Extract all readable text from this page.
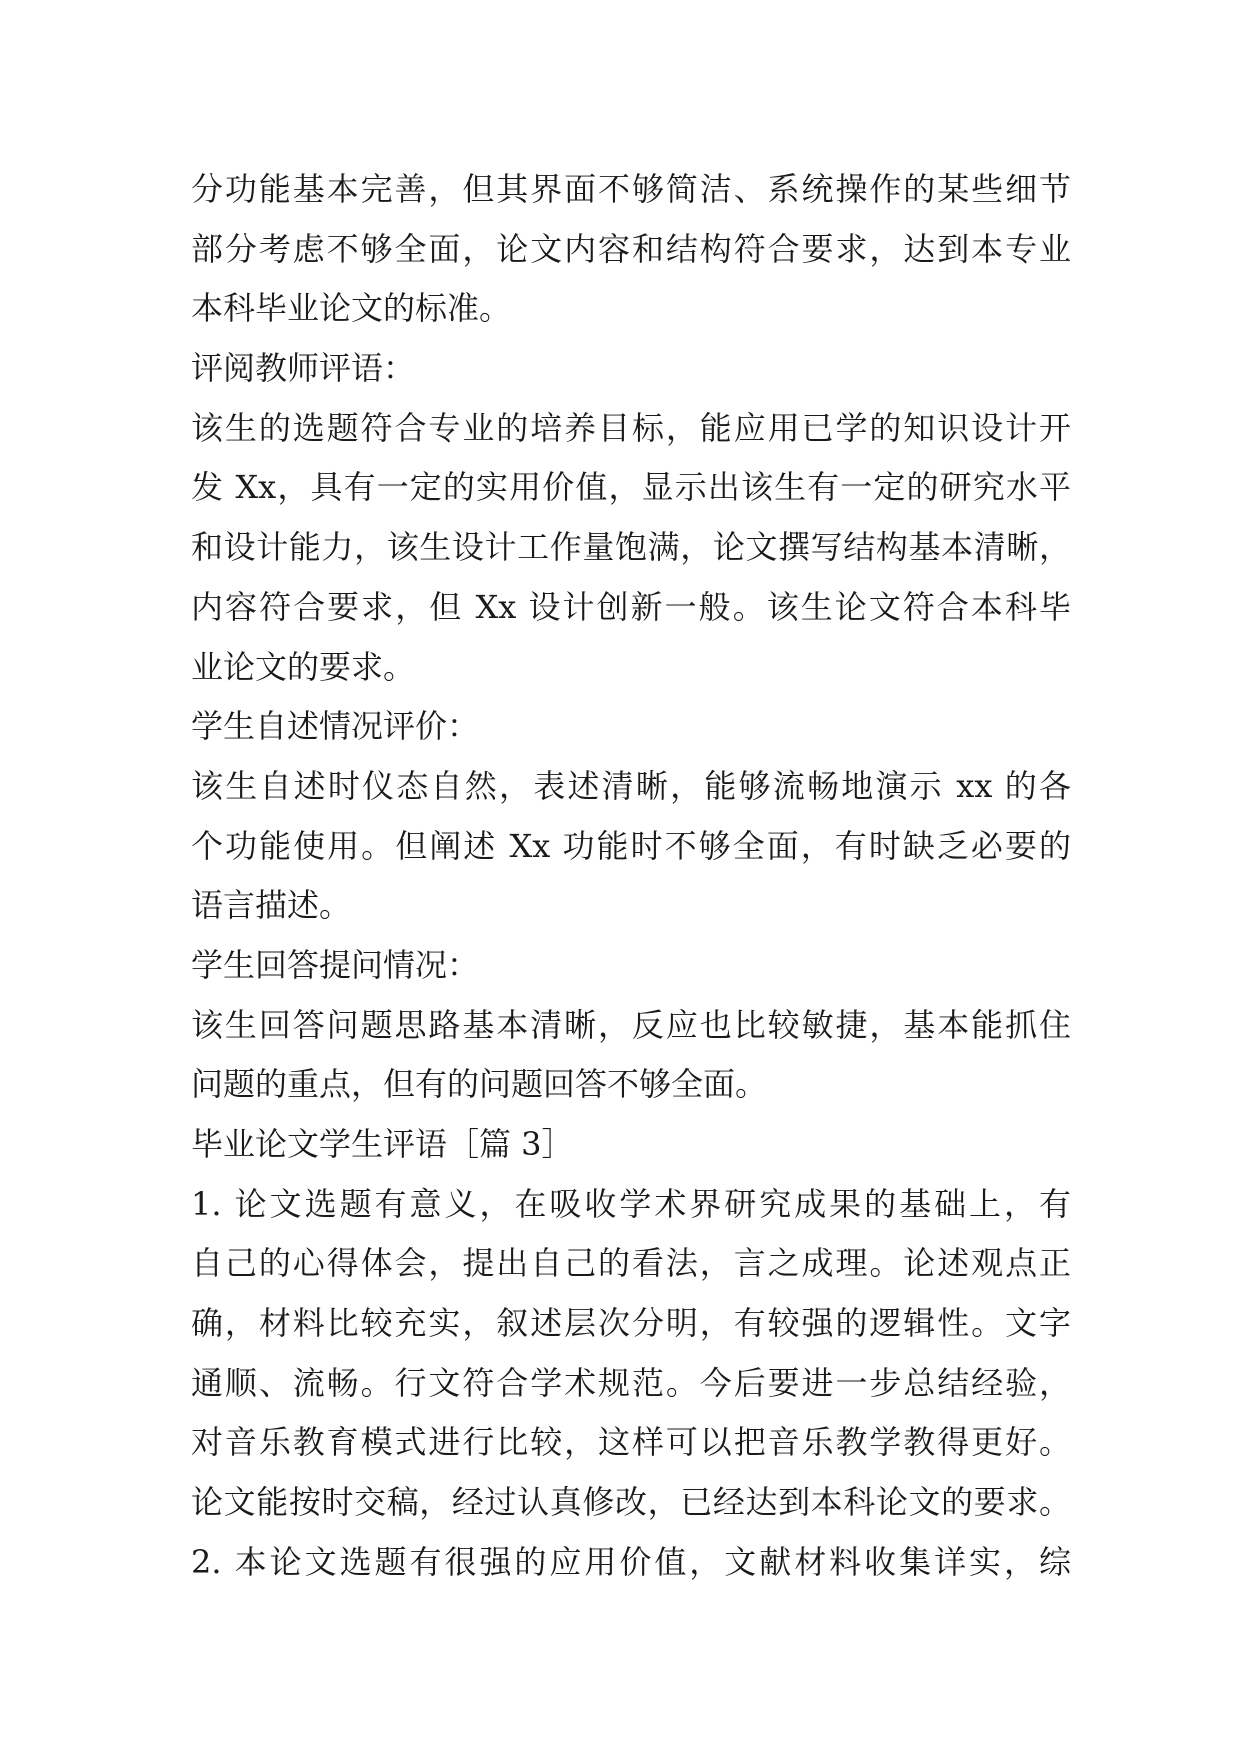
分功能基本完善，但其界面不够简洁、系统操作的某些细节
部分考虑不够全面，论文内容和结构符合要求，达到本专业
本科毕业论文的标准。
评阅教师评语：
该生的选题符合专业的培养目标，能应用已学的知识设计开
发 Xx，具有一定的实用价值，显示出该生有一定的研究水平
和设计能力，该生设计工作量饱满，论文撰写结构基本清晰，
内容符合要求，但 Xx 设计创新一般。该生论文符合本科毕
业论文的要求。
学生自述情况评价：
该生自述时仪态自然，表述清晰，能够流畅地演示 xx 的各
个功能使用。但阐述 Xx 功能时不够全面，有时缺乏必要的
语言描述。
学生回答提问情况：
该生回答问题思路基本清晰，反应也比较敏捷，基本能抓住
问题的重点，但有的问题回答不够全面。
毕业论文学生评语［篇 3］
1. 论文选题有意义，在吸收学术界研究成果的基础上，有
自己的心得体会，提出自己的看法，言之成理。论述观点正
确，材料比较充实，叙述层次分明，有较强的逻辑性。文字
通顺、流畅。行文符合学术规范。今后要进一步总结经验，
对音乐教育模式进行比较，这样可以把音乐教学教得更好。
论文能按时交稿，经过认真修改，已经达到本科论文的要求。
2. 本论文选题有很强的应用价值，文献材料收集详实，综
